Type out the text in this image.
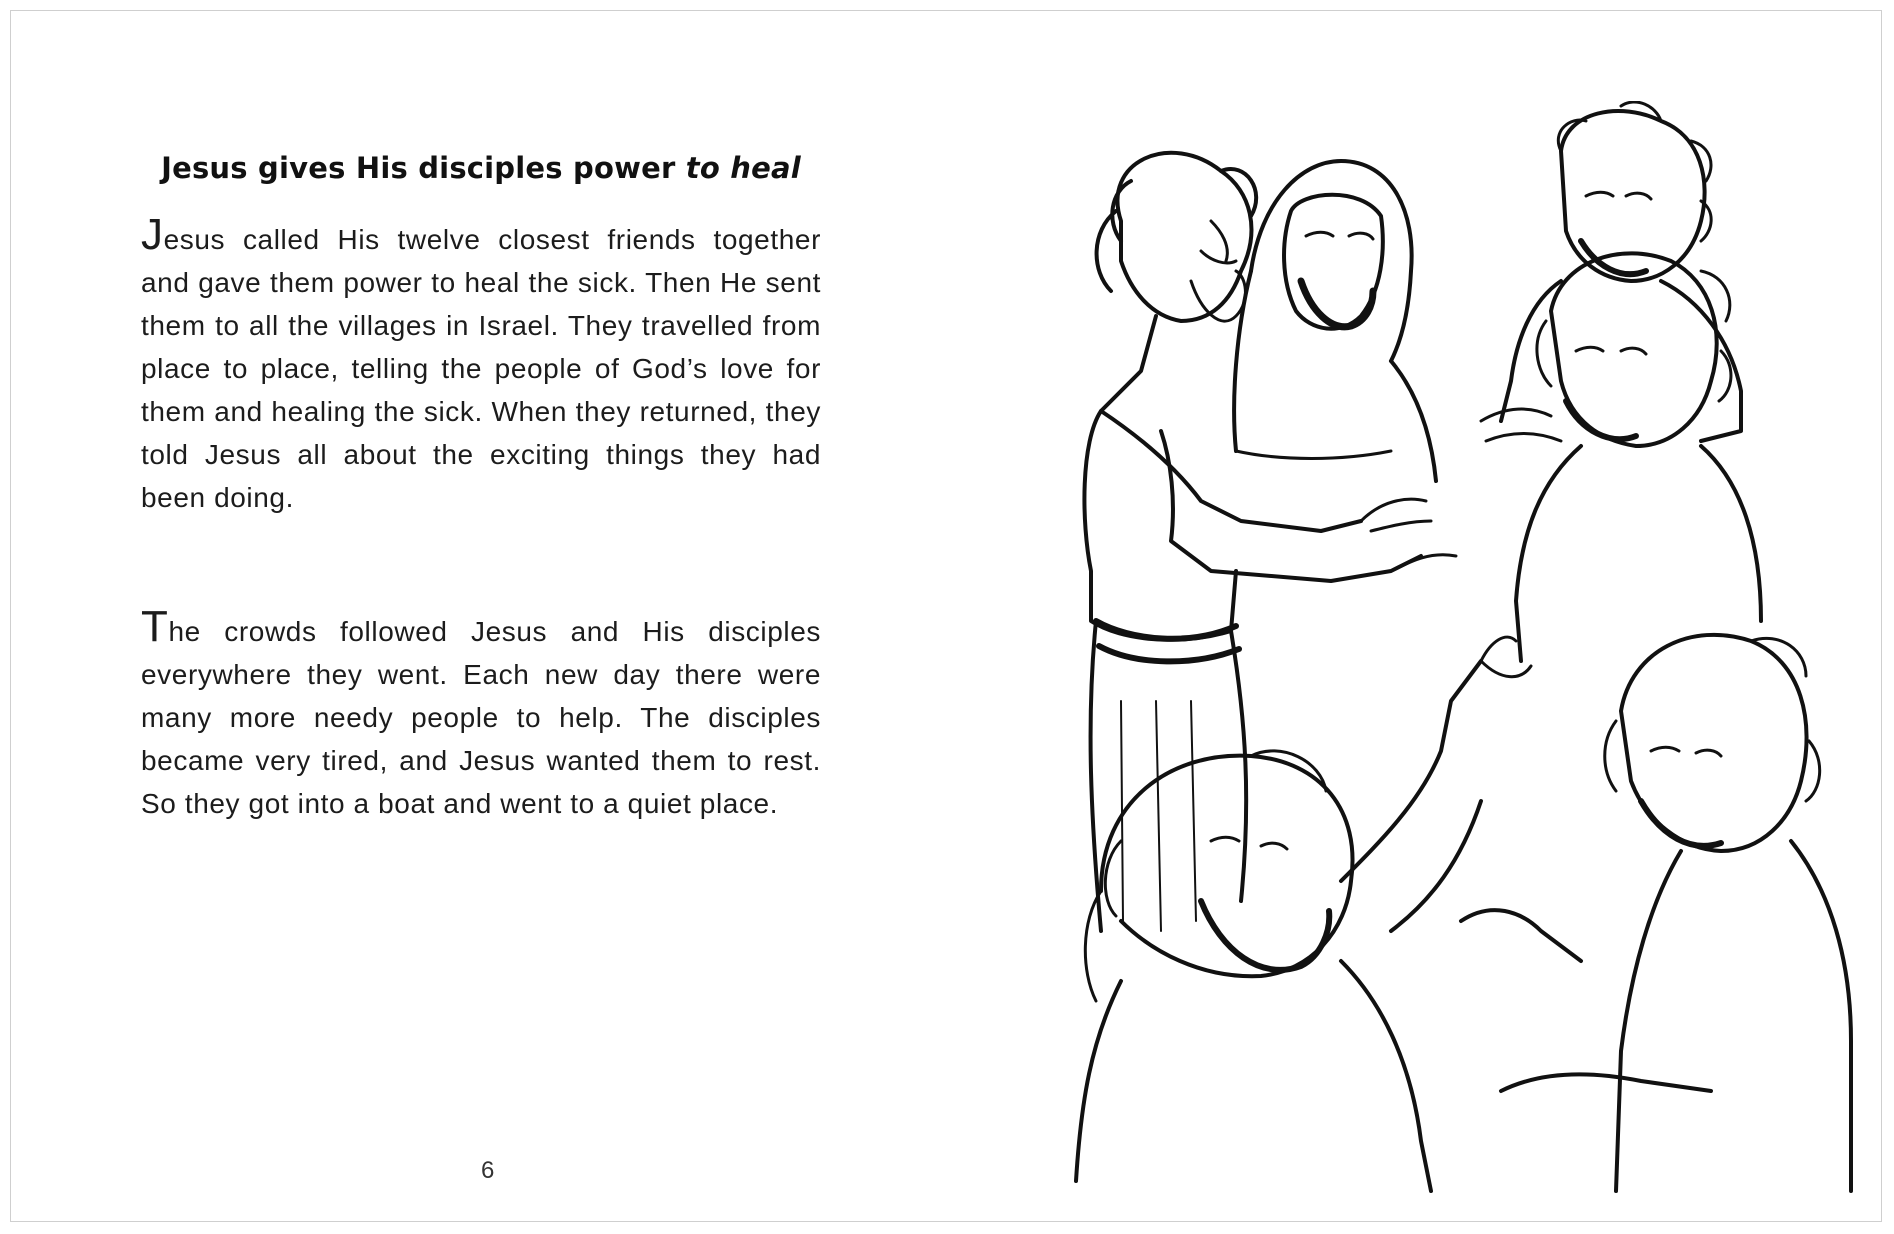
Jesus gives His disciples power to heal

Jesus called His twelve closest friends together and gave them power to heal the sick. Then He sent them to all the villages in Israel. They travelled from place to place, telling the people of God’s love for them and healing the sick. When they returned, they told Jesus all about the exciting things they had been doing.

The crowds followed Jesus and His disciples everywhere they went. Each new day there were many more needy people to help. The disciples became very tired, and Jesus wanted them to rest. So they got into a boat and went to a quiet place.

6
